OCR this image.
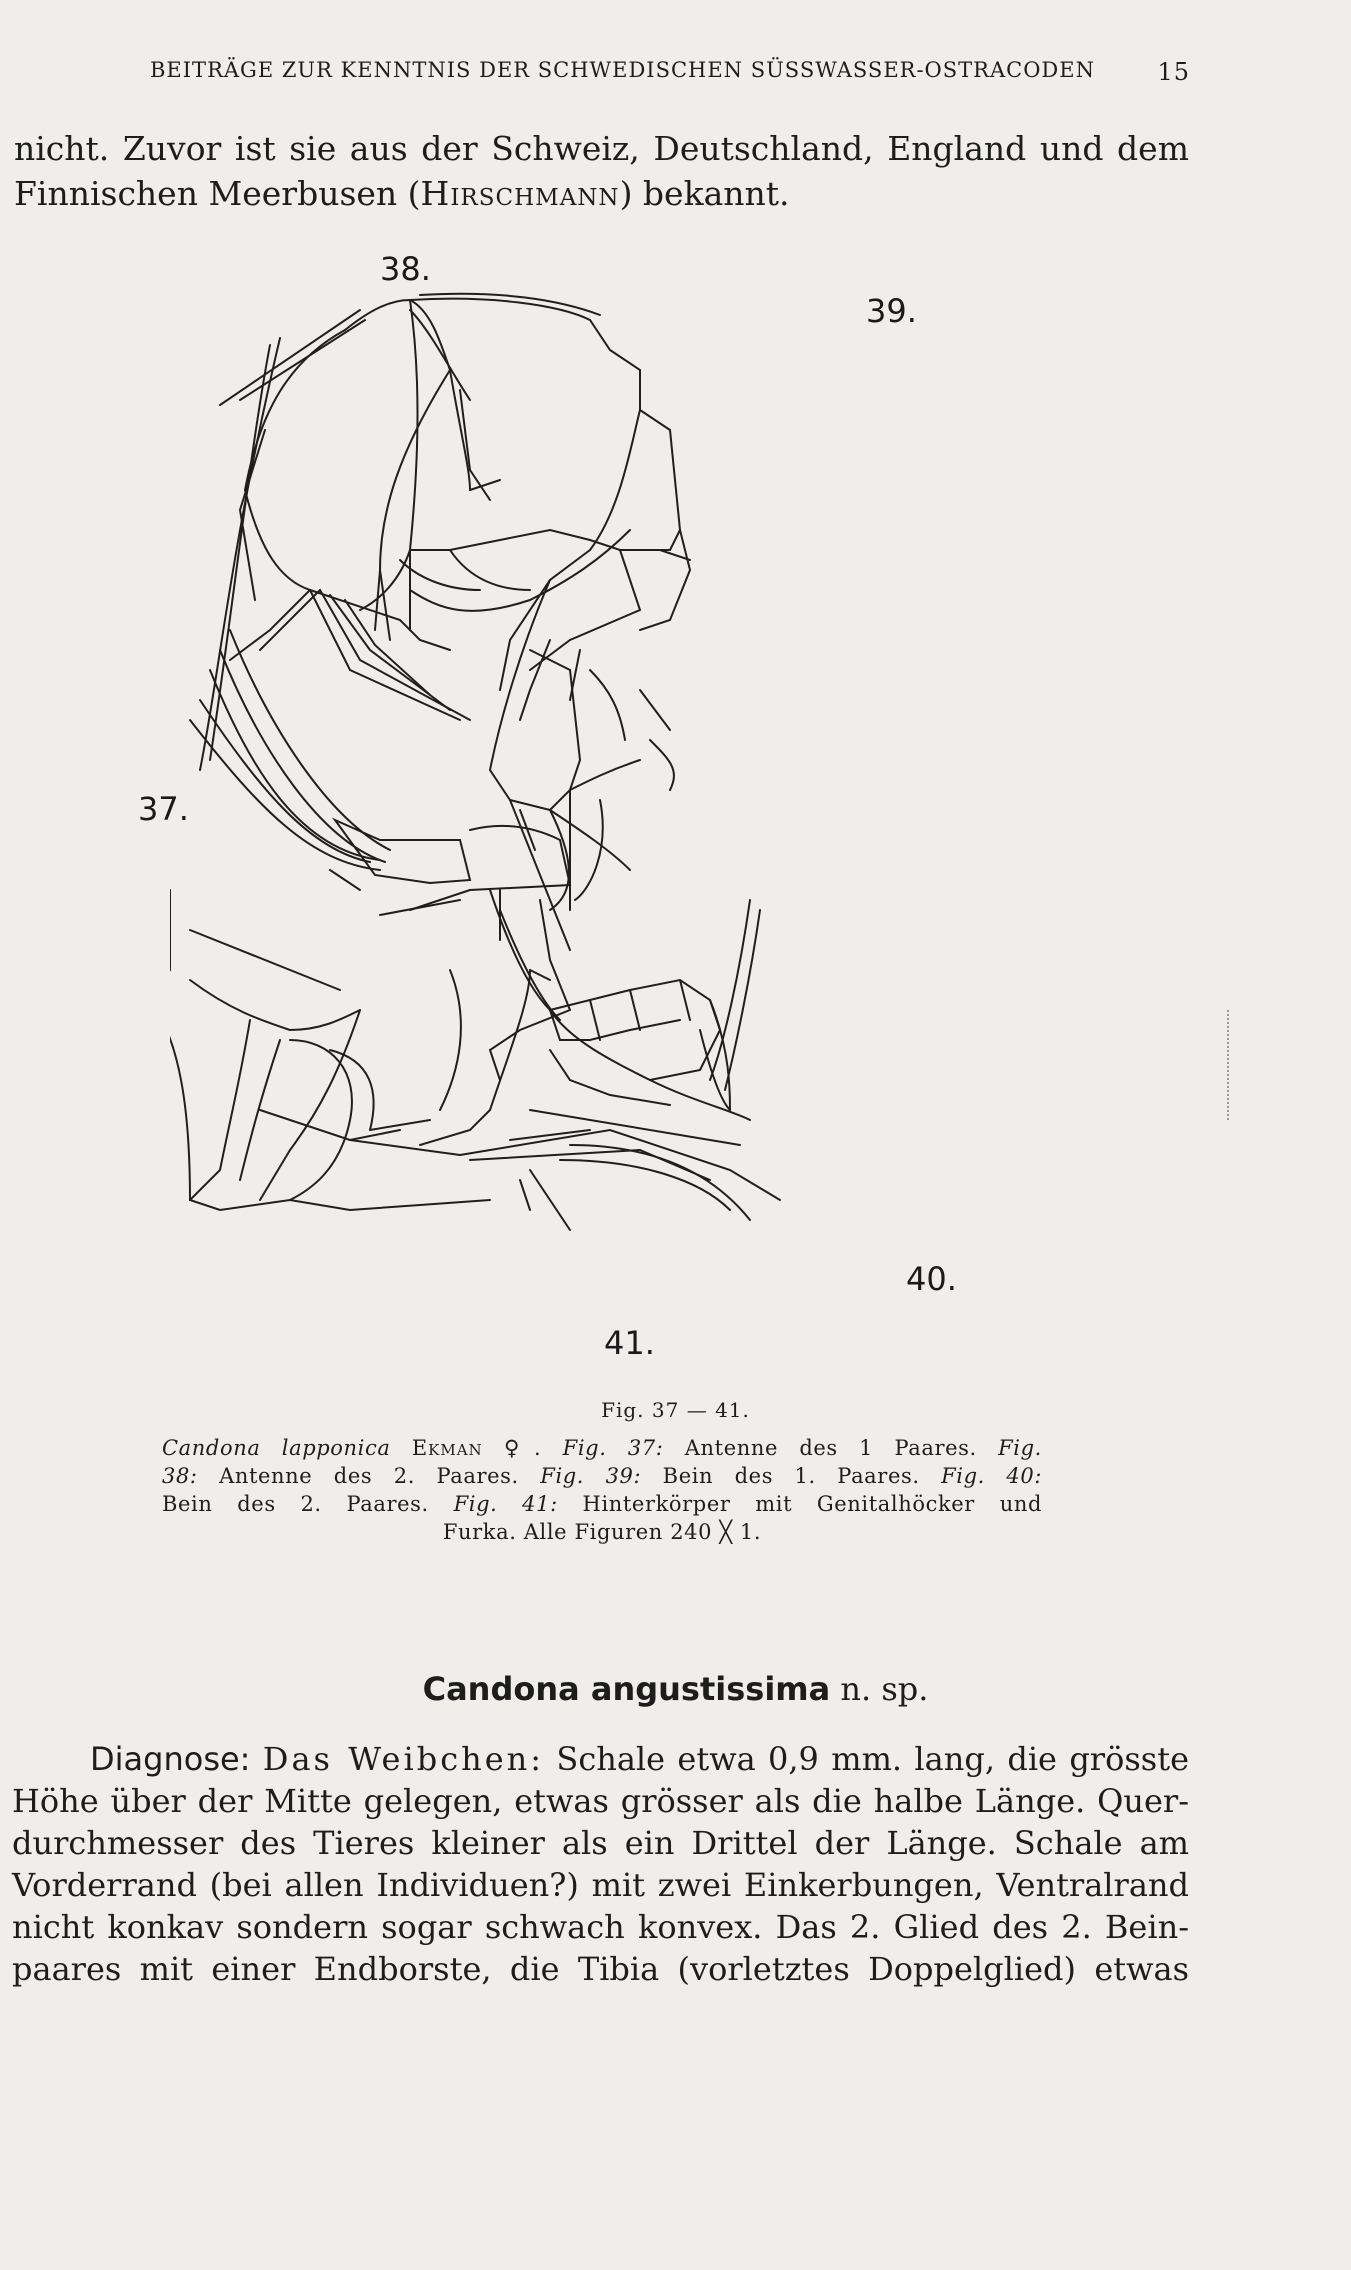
BEITRÄGE ZUR KENNTNIS DER SCHWEDISCHEN SÜSSWASSER-OSTRACODEN	15
nicht. Zuvor ist sie aus der Schweiz, Deutschland, England und dem
Finnischen Meerbusen (Hirschmann) bekannt.
37.
38.
39.
40.
41.
Fig. 37 — 41.
Candona lapponica Ekman ♀. Fig. 37: Antenne des 1 Paares. Fig.
38: Antenne des 2. Paares. Fig. 39: Bein des 1. Paares. Fig. 40:
Bein des 2. Paares. Fig. 41: Hinterkörper mit Genitalhöcker und
Furka. Alle Figuren 240 ╳ 1.
Candona angustissima n. sp.
Diagnose: Das Weibchen: Schale etwa 0,9 mm. lang, die grösste
Höhe über der Mitte gelegen, etwas grösser als die halbe Länge. Quer-
durchmesser des Tieres kleiner als ein Drittel der Länge. Schale am
Vorderrand (bei allen Individuen?) mit zwei Einkerbungen, Ventralrand
nicht konkav sondern sogar schwach konvex. Das 2. Glied des 2. Bein-
paares mit einer Endborste, die Tibia (vorletztes Doppelglied) etwas
